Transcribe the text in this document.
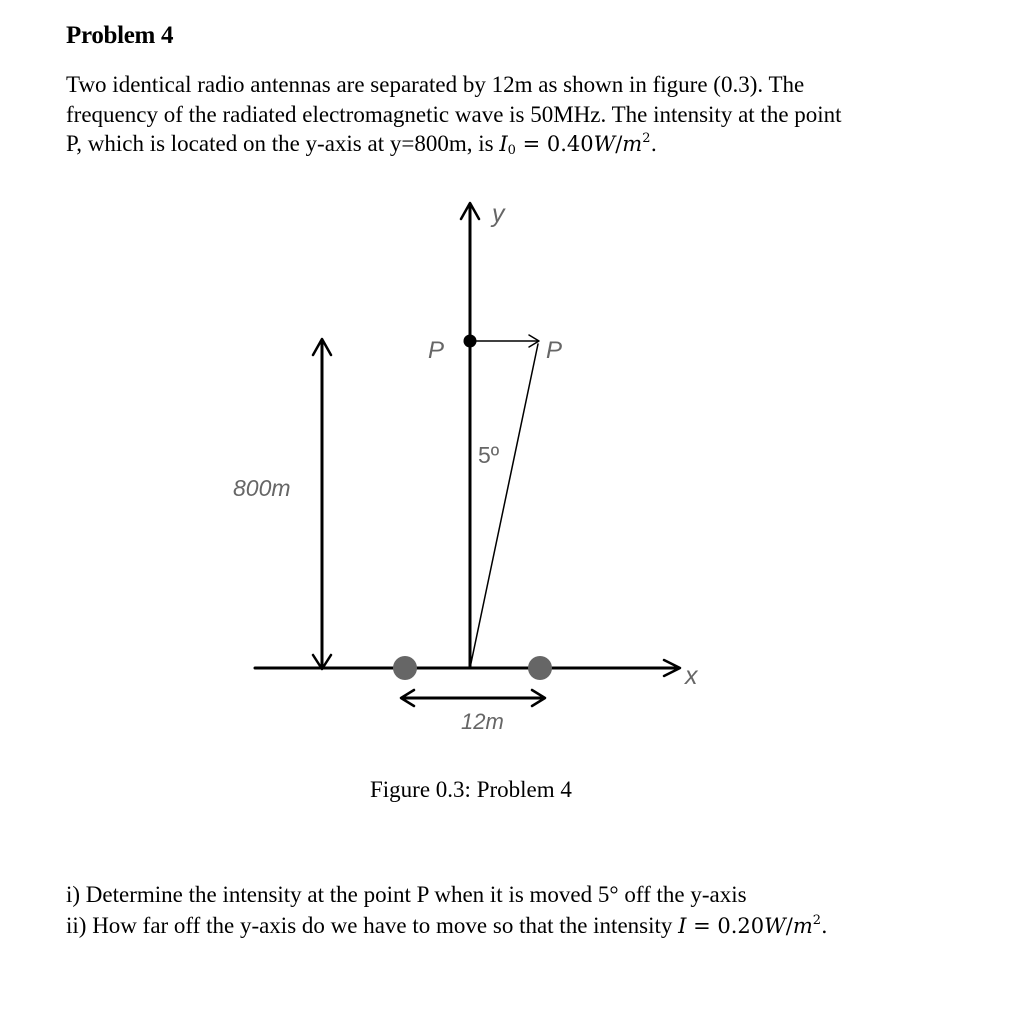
Problem 4
Two identical radio antennas are separated by 12m as shown in figure (0.3). The
frequency of the radiated electromagnetic wave is 50MHz. The intensity at the point
P, which is located on the y-axis at y=800m, is $I_0 = 0.40W/m^2$.
y
x
P	P
5º
800m
12m
Figure 0.3: Problem 4
i) Determine the intensity at the point P when it is moved 5° off the y-axis
ii) How far off the y-axis do we have to move so that the intensity $I = 0.20W/m^2$.
